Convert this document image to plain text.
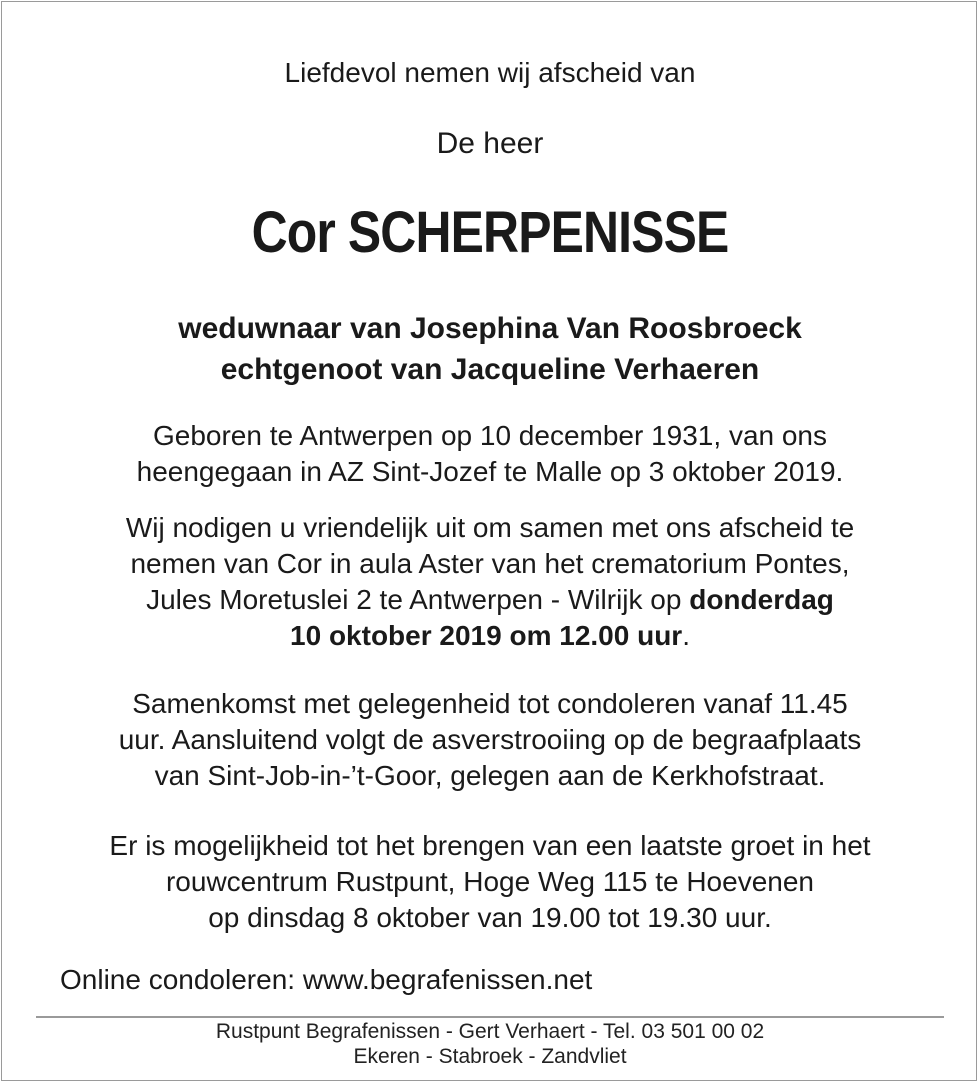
Liefdevol nemen wij afscheid van
De heer
Cor SCHERPENISSE
weduwnaar van Josephina Van Roosbroeck
echtgenoot van Jacqueline Verhaeren
Geboren te Antwerpen op 10 december 1931, van ons
heengegaan in AZ Sint-Jozef te Malle op 3 oktober 2019.
Wij nodigen u vriendelijk uit om samen met ons afscheid te
nemen van Cor in aula Aster van het crematorium Pontes,
Jules Moretuslei 2 te Antwerpen - Wilrijk op donderdag
10 oktober 2019 om 12.00 uur.
Samenkomst met gelegenheid tot condoleren vanaf 11.45
uur. Aansluitend volgt de asverstrooiing op de begraafplaats
van Sint-Job-in-’t-Goor, gelegen aan de Kerkhofstraat.
Er is mogelijkheid tot het brengen van een laatste groet in het
rouwcentrum Rustpunt, Hoge Weg 115 te Hoevenen
op dinsdag 8 oktober van 19.00 tot 19.30 uur.
Online condoleren: www.begrafenissen.net
Rustpunt Begrafenissen - Gert Verhaert - Tel. 03 501 00 02
Ekeren - Stabroek - Zandvliet
